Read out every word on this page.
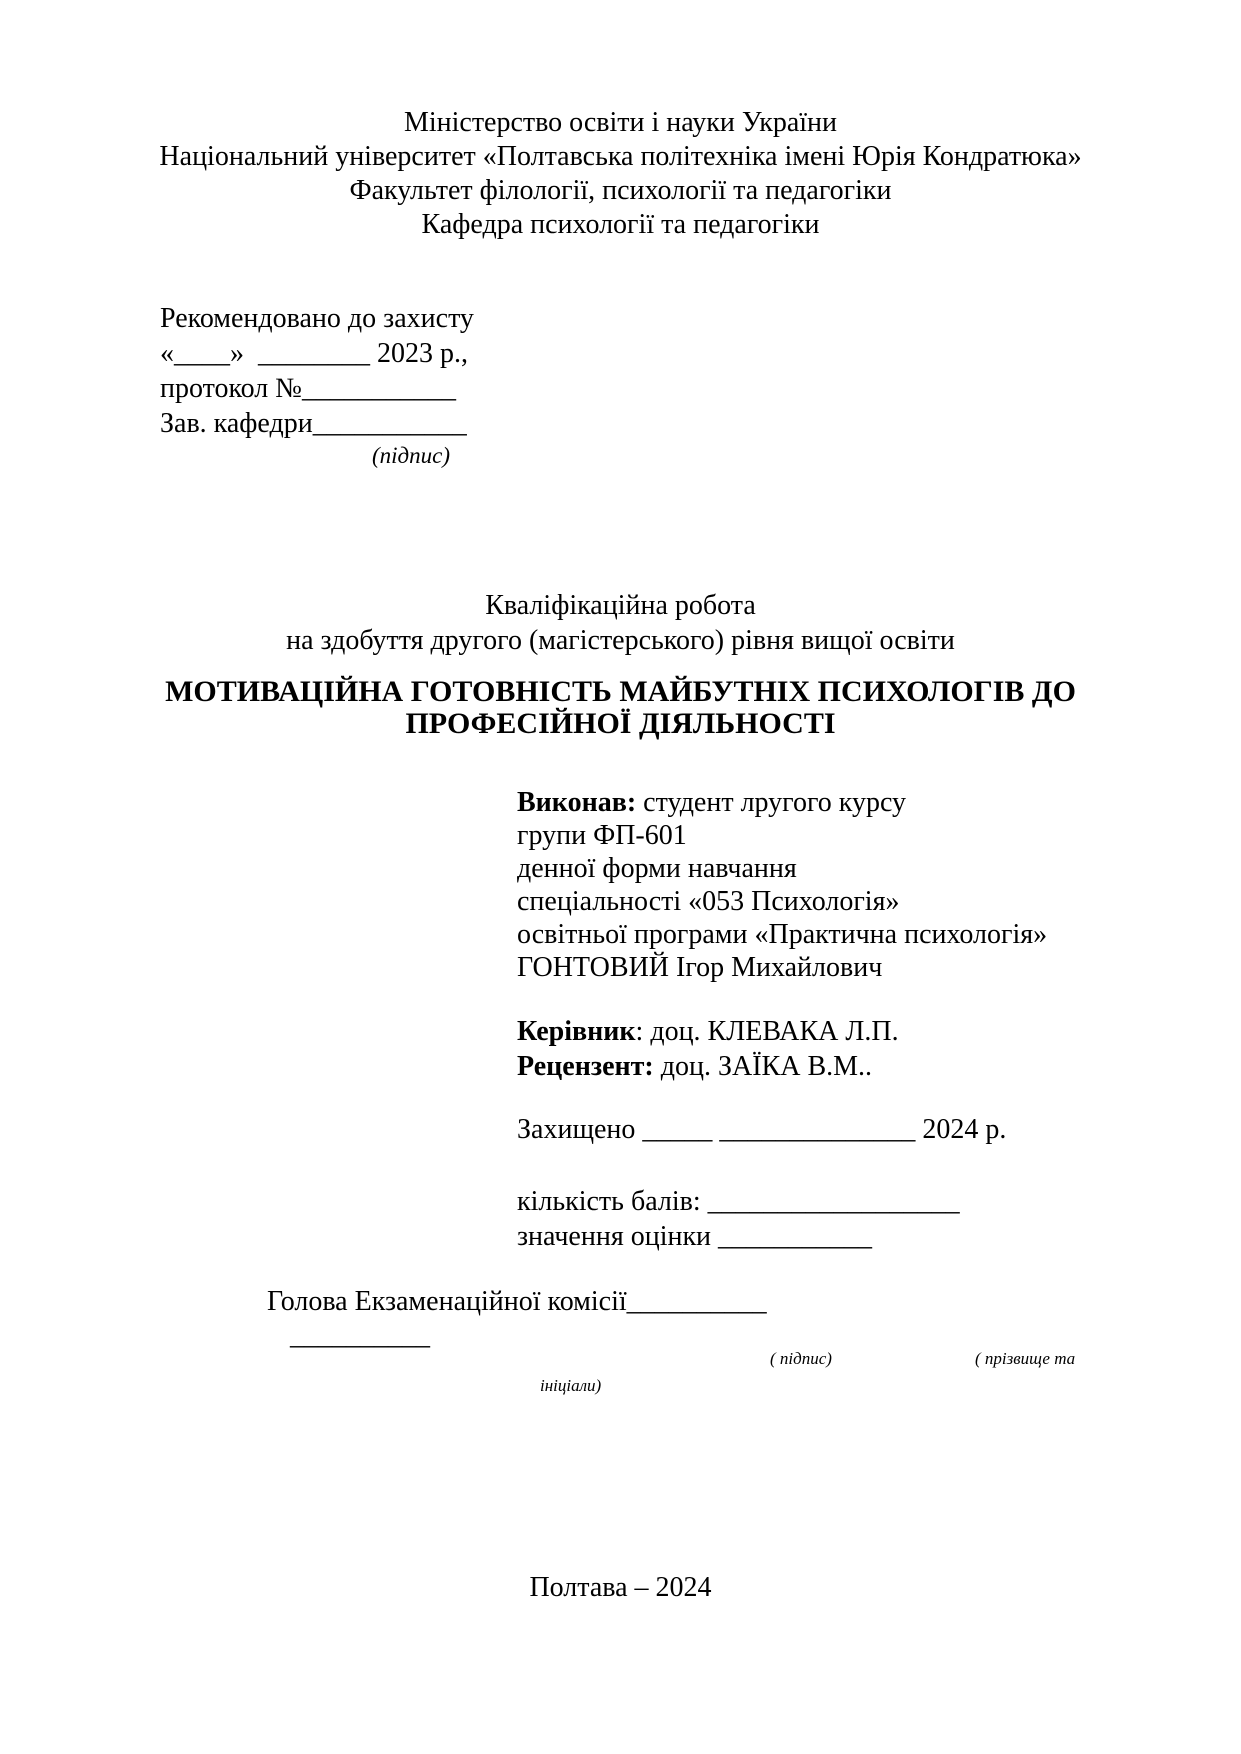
Міністерство освіти і науки України
Національний університет «Полтавська політехніка імені Юрія Кондратюка»
Факультет філології, психології та педагогіки
Кафедра психології та педагогіки
Рекомендовано до захисту
«____»  ________ 2023 р.,
протокол №___________
Зав. кафедри___________
(підпис)
Кваліфікаційна робота
на здобуття другого (магістерського) рівня вищої освіти
МОТИВАЦІЙНА ГОТОВНІСТЬ МАЙБУТНІХ ПСИХОЛОГІВ ДО
ПРОФЕСІЙНОЇ ДІЯЛЬНОСТІ
Виконав: студент лругого курсу
групи ФП-601
денної форми навчання
спеціальності «053 Психологія»
освітньої програми «Практична психологія»
ГОНТОВИЙ Ігор Михайлович
Керівник: доц. КЛЕВАКА Л.П.
Рецензент: доц. ЗАЇКА В.М..
Захищено _____ ______________ 2024 р.
кількість балів: __________________
значення оцінки ___________
Голова Екзаменаційної комісії__________
__________
( підпис)	( прізвище та
ініціали)
Полтава – 2024
